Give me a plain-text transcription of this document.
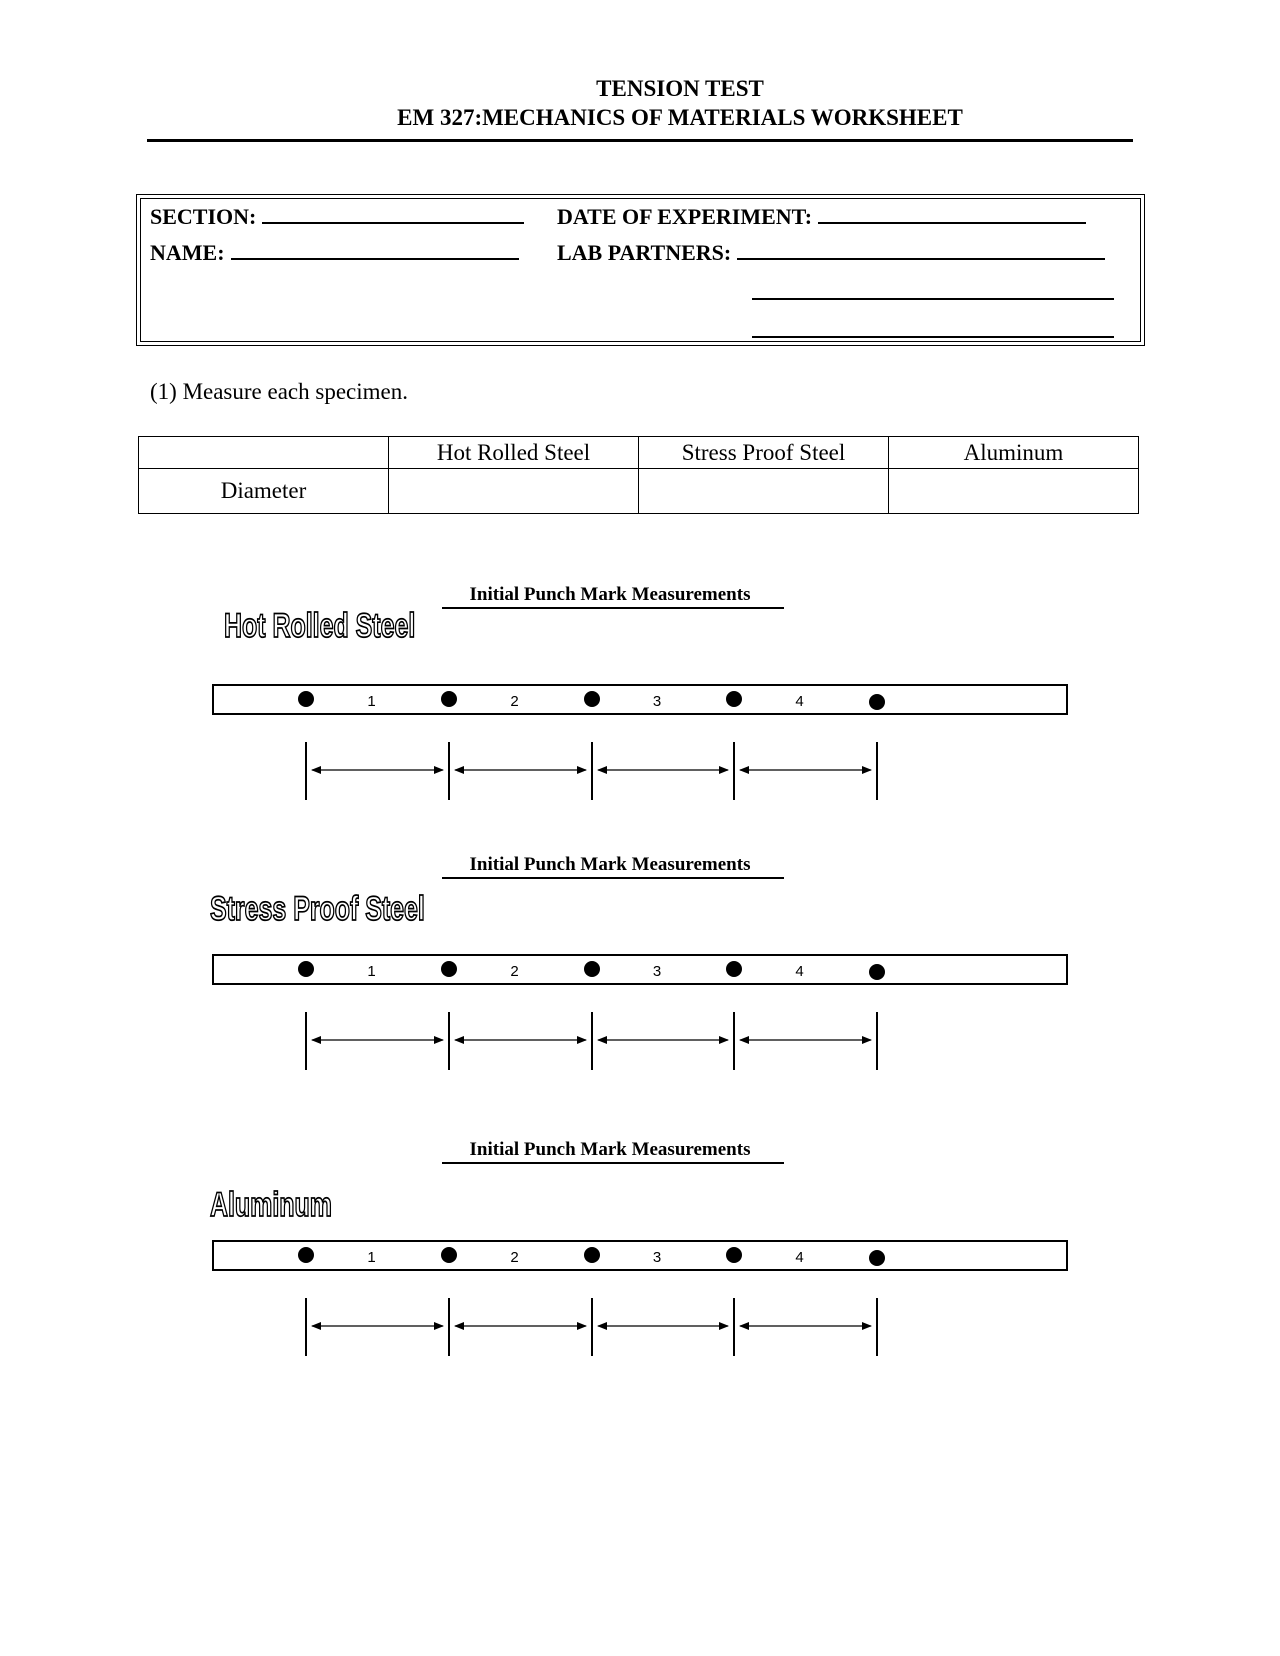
TENSION TEST
EM 327:MECHANICS OF MATERIALS WORKSHEET
SECTION:	DATE OF EXPERIMENT:
NAME:	LAB PARTNERS:
(1) Measure each specimen.
	Hot Rolled Steel	Stress Proof Steel	Aluminum
Diameter			
Initial Punch Mark Measurements
Hot Rolled Steel
1	2	3	4
Initial Punch Mark Measurements
Stress Proof Steel
1	2	3	4
Initial Punch Mark Measurements
Aluminum
1	2	3	4
